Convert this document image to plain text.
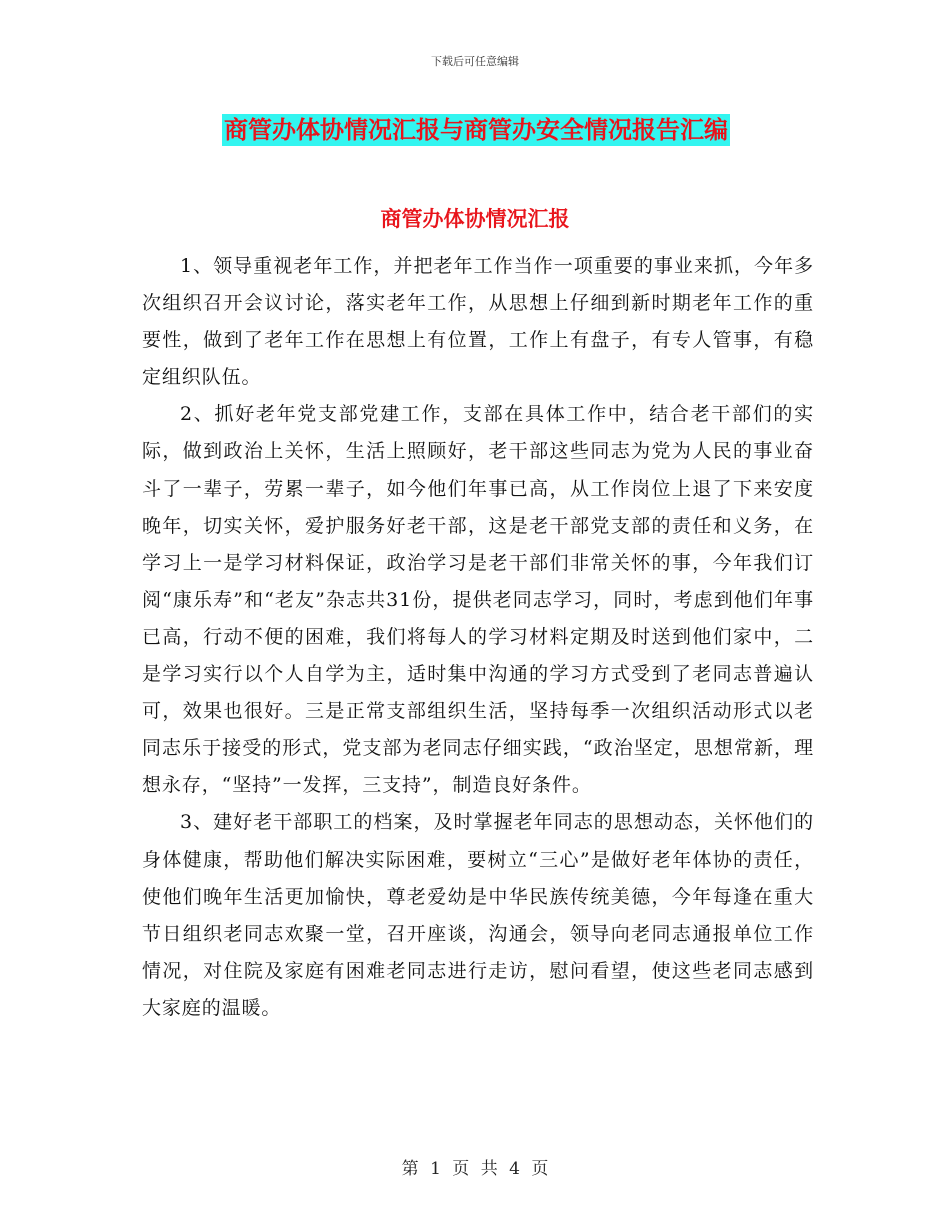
下载后可任意编辑
商管办体协情况汇报与商管办安全情况报告汇编
商管办体协情况汇报

1、领导重视老年工作，并把老年工作当作一项重要的事业来抓，今年多次组织召开会议讨论，落实老年工作，从思想上仔细到新时期老年工作的重要性，做到了老年工作在思想上有位置，工作上有盘子，有专人管事，有稳定组织队伍。

2、抓好老年党支部党建工作，支部在具体工作中，结合老干部们的实际，做到政治上关怀，生活上照顾好，老干部这些同志为党为人民的事业奋斗了一辈子，劳累一辈子，如今他们年事已高，从工作岗位上退了下来安度晚年，切实关怀，爱护服务好老干部，这是老干部党支部的责任和义务，在学习上一是学习材料保证，政治学习是老干部们非常关怀的事，今年我们订阅“康乐寿”和“老友”杂志共31份，提供老同志学习，同时，考虑到他们年事已高，行动不便的困难，我们将每人的学习材料定期及时送到他们家中，二是学习实行以个人自学为主，适时集中沟通的学习方式受到了老同志普遍认可，效果也很好。三是正常支部组织生活，坚持每季一次组织活动形式以老同志乐于接受的形式，党支部为老同志仔细实践，“政治坚定，思想常新，理想永存，“坚持”一发挥，三支持”，制造良好条件。

3、建好老干部职工的档案，及时掌握老年同志的思想动态，关怀他们的身体健康，帮助他们解决实际困难，要树立“三心”是做好老年体协的责任，使他们晚年生活更加愉快，尊老爱幼是中华民族传统美德，今年每逢在重大节日组织老同志欢聚一堂，召开座谈，沟通会，领导向老同志通报单位工作情况，对住院及家庭有困难老同志进行走访，慰问看望，使这些老同志感到大家庭的温暖。

第 1 页 共 4 页
